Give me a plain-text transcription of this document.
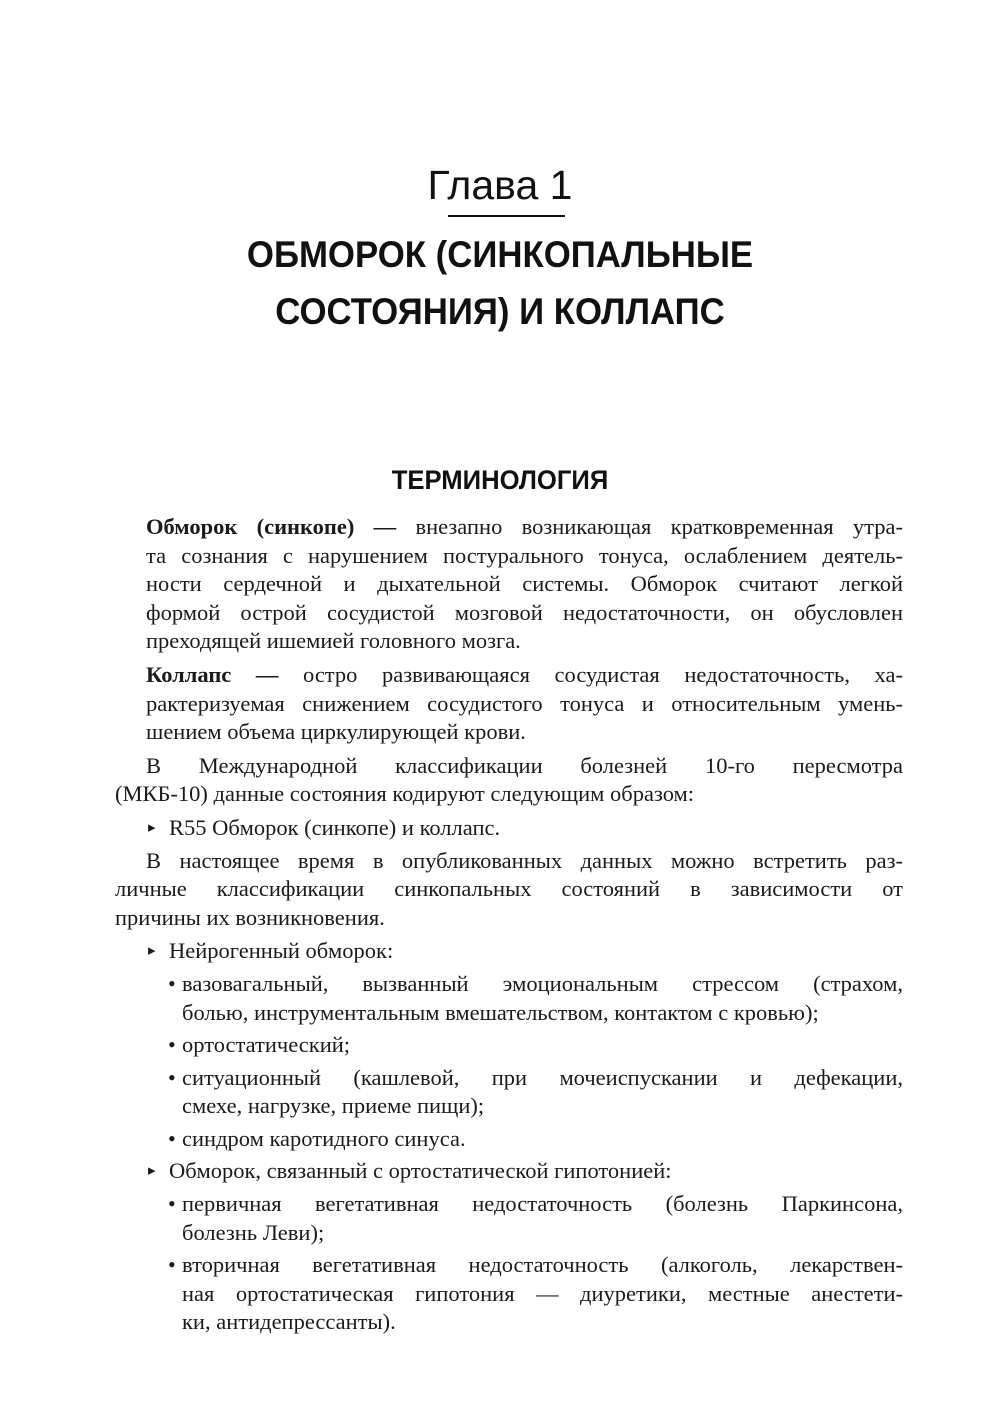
Глава 1
ОБМОРОК (СИНКОПАЛЬНЫЕ
СОСТОЯНИЯ) И КОЛЛАПС
ТЕРМИНОЛОГИЯ

Обморок (синкопе) — внезапно возникающая кратковременная утра-
та сознания с нарушением постурального тонуса, ослаблением деятель-
ности сердечной и дыхательной системы. Обморок считают легкой
формой острой сосудистой мозговой недостаточности, он обусловлен
преходящей ишемией головного мозга.

Коллапс — остро развивающаяся сосудистая недостаточность, ха-
рактеризуемая снижением сосудистого тонуса и относительным умень-
шением объема циркулирующей крови.

В Международной классификации болезней 10-го пересмотра
(МКБ-10) данные состояния кодируют следующим образом:

▸ R55 Обморок (синкопе) и коллапс.

В настоящее время в опубликованных данных можно встретить раз-
личные классификации синкопальных состояний в зависимости от
причины их возникновения.

▸ Нейрогенный обморок:
• вазовагальный, вызванный эмоциональным стрессом (страхом,
болью, инструментальным вмешательством, контактом с кровью);
• ортостатический;
• ситуационный (кашлевой, при мочеиспускании и дефекации,
смехе, нагрузке, приеме пищи);
• синдром каротидного синуса.
▸ Обморок, связанный с ортостатической гипотонией:
• первичная вегетативная недостаточность (болезнь Паркинсона,
болезнь Леви);
• вторичная вегетативная недостаточность (алкоголь, лекарствен-
ная ортостатическая гипотония — диуретики, местные анестети-
ки, антидепрессанты).
